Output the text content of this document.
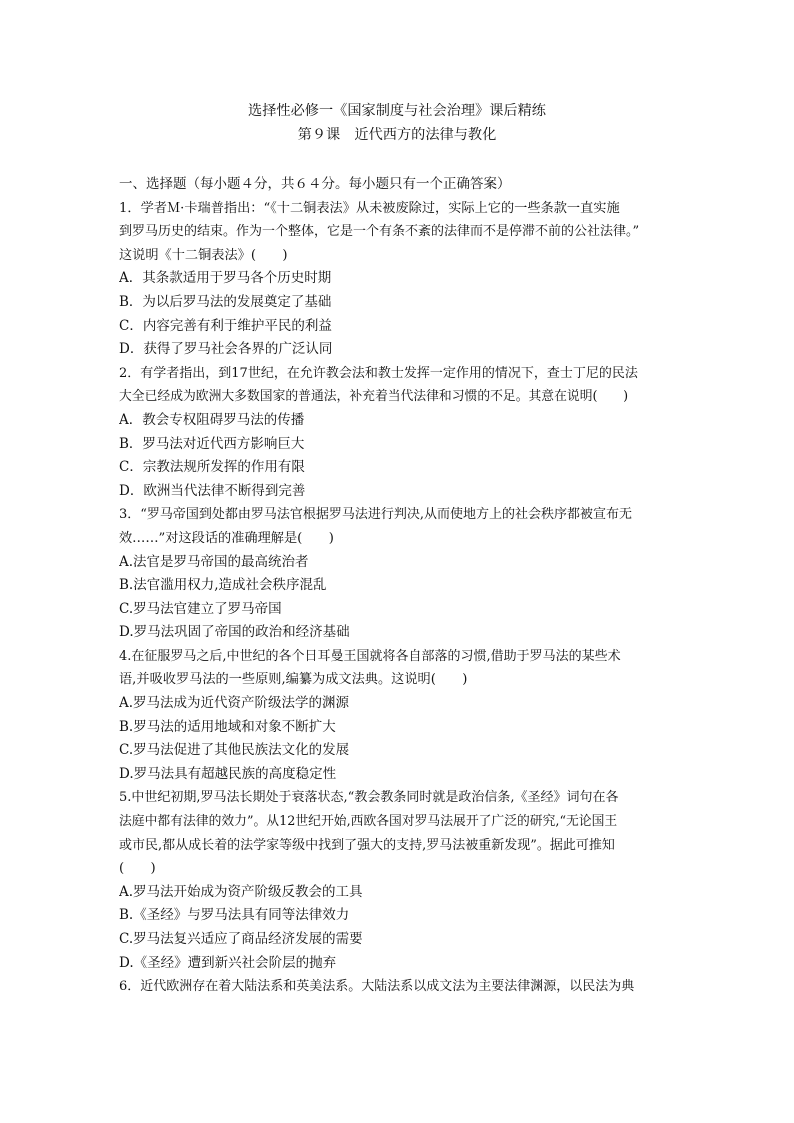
选择性必修一《国家制度与社会治理》课后精练
第９课　近代西方的法律与教化
一、选择题（每小题４分，共６４分。每小题只有一个正确答案）
1．学者Ｍ·卡瑞普指出：“《十二铜表法》从未被废除过，实际上它的一些条款一直实施
到罗马历史的结束。作为一个整体，它是一个有条不紊的法律而不是停滞不前的公社法律。”
这说明《十二铜表法》(　　)
A．其条款适用于罗马各个历史时期
B．为以后罗马法的发展奠定了基础
C．内容完善有利于维护平民的利益
D．获得了罗马社会各界的广泛认同
2．有学者指出，到17世纪，在允许教会法和教士发挥一定作用的情况下，查士丁尼的民法
大全已经成为欧洲大多数国家的普通法，补充着当代法律和习惯的不足。其意在说明(　　)
A．教会专权阻碍罗马法的传播
B．罗马法对近代西方影响巨大
C．宗教法规所发挥的作用有限
D．欧洲当代法律不断得到完善
3．“罗马帝国到处都由罗马法官根据罗马法进行判决,从而使地方上的社会秩序都被宣布无
效……”对这段话的准确理解是(　　)
A.法官是罗马帝国的最高统治者
B.法官滥用权力,造成社会秩序混乱
C.罗马法官建立了罗马帝国
D.罗马法巩固了帝国的政治和经济基础
4.在征服罗马之后,中世纪的各个日耳曼王国就将各自部落的习惯,借助于罗马法的某些术
语,并吸收罗马法的一些原则,编纂为成文法典。这说明(　　)
A.罗马法成为近代资产阶级法学的渊源
B.罗马法的适用地域和对象不断扩大
C.罗马法促进了其他民族法文化的发展
D.罗马法具有超越民族的高度稳定性
5.中世纪初期,罗马法长期处于衰落状态,“教会教条同时就是政治信条,《圣经》词句在各
法庭中都有法律的效力”。从12世纪开始,西欧各国对罗马法展开了广泛的研究,“无论国王
或市民,都从成长着的法学家等级中找到了强大的支持,罗马法被重新发现”。据此可推知
(　　)
A.罗马法开始成为资产阶级反教会的工具
B.《圣经》与罗马法具有同等法律效力
C.罗马法复兴适应了商品经济发展的需要
D.《圣经》遭到新兴社会阶层的抛弃
6．近代欧洲存在着大陆法系和英美法系。大陆法系以成文法为主要法律渊源，以民法为典
